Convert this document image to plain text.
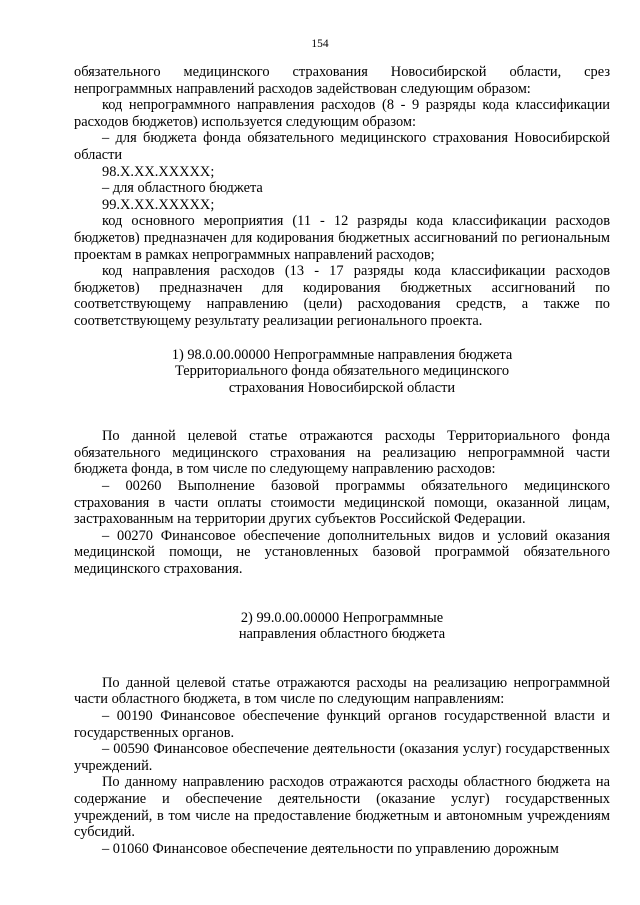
154

обязательного медицинского страхования Новосибирской области, срез непрограммных направлений расходов задействован следующим образом:

код непрограммного направления расходов (8 - 9 разряды кода классификации расходов бюджетов) используется следующим образом:

– для бюджета фонда обязательного медицинского страхования Новосибирской области

98.Х.ХХ.ХХХХХ;

– для областного бюджета

99.Х.ХХ.ХХХХХ;

код основного мероприятия (11 - 12 разряды кода классификации расходов бюджетов) предназначен для кодирования бюджетных ассигнований по региональным проектам в рамках непрограммных направлений расходов;

код направления расходов (13 - 17 разряды кода классификации расходов бюджетов) предназначен для кодирования бюджетных ассигнований по соответствующему направлению (цели) расходования средств, а также по соответствующему результату реализации регионального проекта.

1) 98.0.00.00000 Непрограммные направления бюджета

Территориального фонда обязательного медицинского

страхования Новосибирской области

По данной целевой статье отражаются расходы Территориального фонда обязательного медицинского страхования на реализацию непрограммной части бюджета фонда, в том числе по следующему направлению расходов:

– 00260 Выполнение базовой программы обязательного медицинского страхования в части оплаты стоимости медицинской помощи, оказанной лицам, застрахованным на территории других субъектов Российской Федерации.

– 00270 Финансовое обеспечение дополнительных видов и условий оказания медицинской помощи, не установленных базовой программой обязательного медицинского страхования.

2) 99.0.00.00000 Непрограммные

направления областного бюджета

По данной целевой статье отражаются расходы на реализацию непрограммной части областного бюджета, в том числе по следующим направлениям:

– 00190 Финансовое обеспечение функций органов государственной власти и государственных органов.

– 00590 Финансовое обеспечение деятельности (оказания услуг) государственных учреждений.

По данному направлению расходов отражаются расходы областного бюджета на содержание и обеспечение деятельности (оказание услуг) государственных учреждений, в том числе на предоставление бюджетным и автономным учреждениям субсидий.

– 01060 Финансовое обеспечение деятельности по управлению дорожным
